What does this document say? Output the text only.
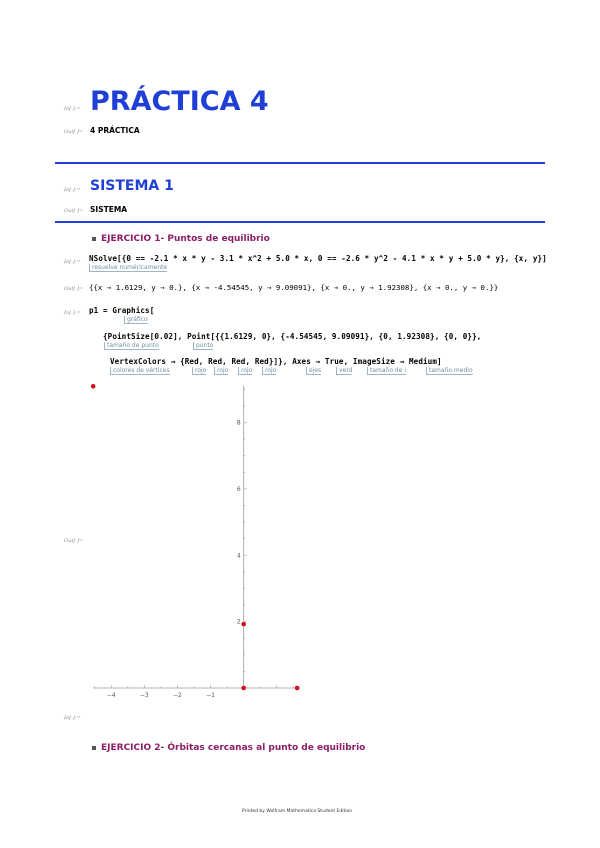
In[-]:= PRÁCTICA 4
Out[-]= 4 PRÁCTICA
In[-]:= SISTEMA 1
Out[-]= SISTEMA
EJERCICIO 1- Puntos de equilibrio
In[-]:= NSolve[{0 == -2.1 * x * y - 3.1 * x^2 + 5.0 * x, 0 == -2.6 * y^2 - 4.1 * x * y + 5.0 * y}, {x, y}]
resuelve numéricamente
Out[-]= {{x → 1.6129, y → 0.}, {x → -4.54545, y → 9.09091}, {x → 0., y → 1.92308}, {x → 0., y → 0.}}
In[-]:= p1 = Graphics[
gráfico
{PointSize[0.02], Point[{{1.6129, 0}, {-4.54545, 9.09091}, {0, 1.92308}, {0, 0}},
tamaño de punto	punto
VertexColors → {Red, Red, Red, Red}]}, Axes → True, ImageSize → Medium]
colores de vértices	rojo	rojo	rojo	rojo	ejes	verd	tamaño de i	tamaño medio
Out[-]=
−4	−3	−2	−1
2
4
6
8
In[-]:=
EJERCICIO 2- Órbitas cercanas al punto de equilibrio
Printed by Wolfram Mathematica Student Edition
